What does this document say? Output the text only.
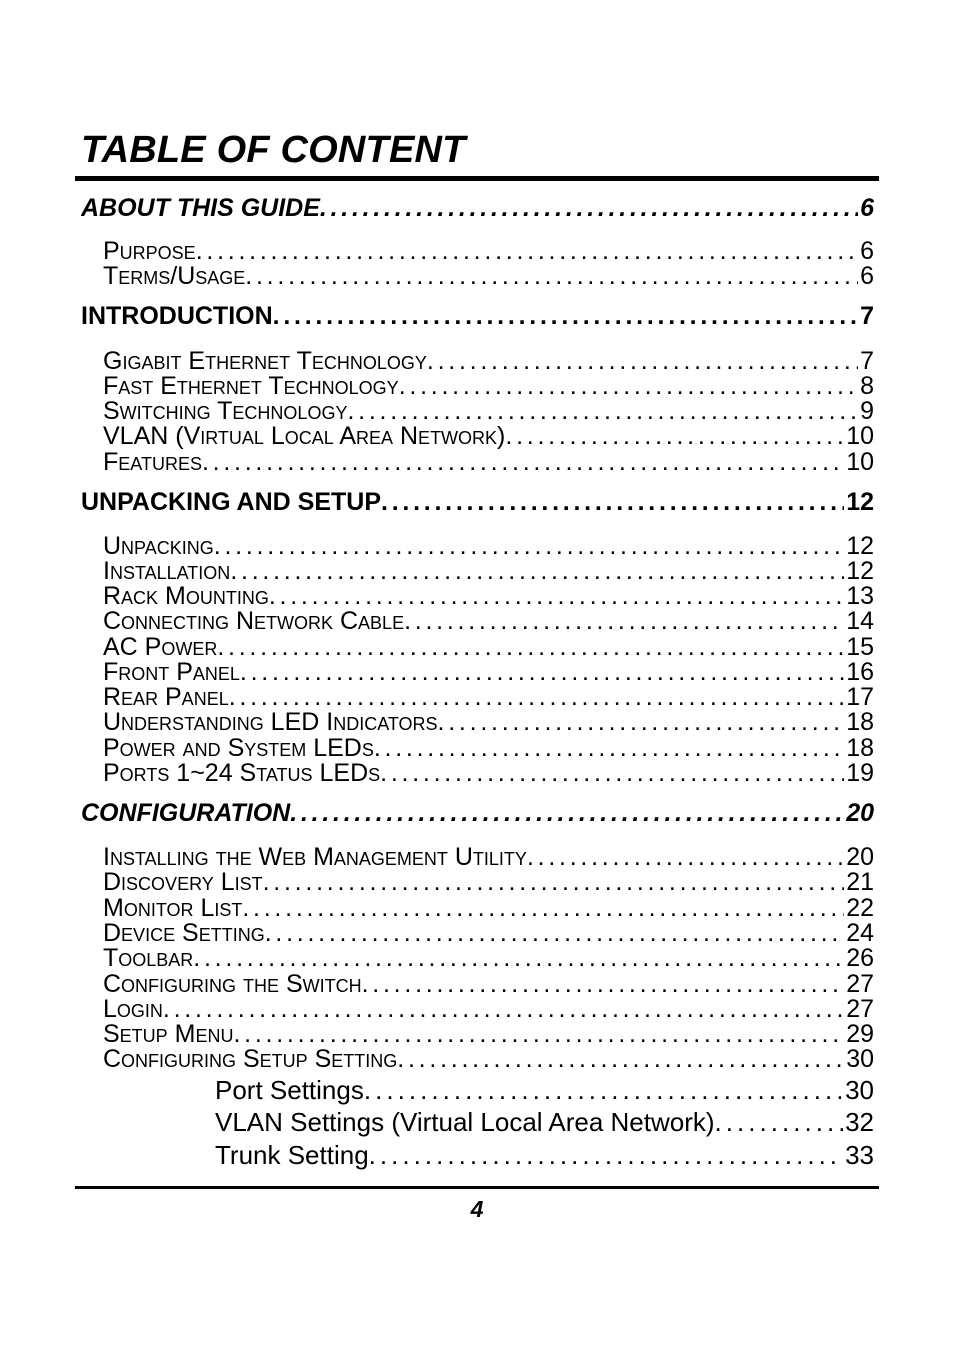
TABLE OF CONTENT
ABOUT THIS GUIDE . . .	6
Purpose . . .	6
Terms/Usage . . .	6
INTRODUCTION . . .	7
Gigabit Ethernet Technology . . .	7
Fast Ethernet Technology . . .	8
Switching Technology . . .	9
VLAN (Virtual Local Area Network) . . .	10
Features . . .	10
UNPACKING AND SETUP . . .	12
Unpacking . . .	12
Installation . . .	12
Rack Mounting . . .	13
Connecting Network Cable . . .	14
AC Power . . .	15
Front Panel . . .	16
Rear Panel . . .	17
Understanding LED Indicators . . .	18
Power and System LEDs . . .	18
Ports 1~24 Status LEDs . . .	19
CONFIGURATION . . .	20
Installing the Web Management Utility . . .	20
Discovery List . . .	21
Monitor List . . .	22
Device Setting . . .	24
Toolbar . . .	26
Configuring the Switch . . .	27
Login . . .	27
Setup Menu . . .	29
Configuring Setup Setting . . .	30
Port Settings . . .	30
VLAN Settings (Virtual Local Area Network) . . .	32
Trunk Setting . . .	33
4
